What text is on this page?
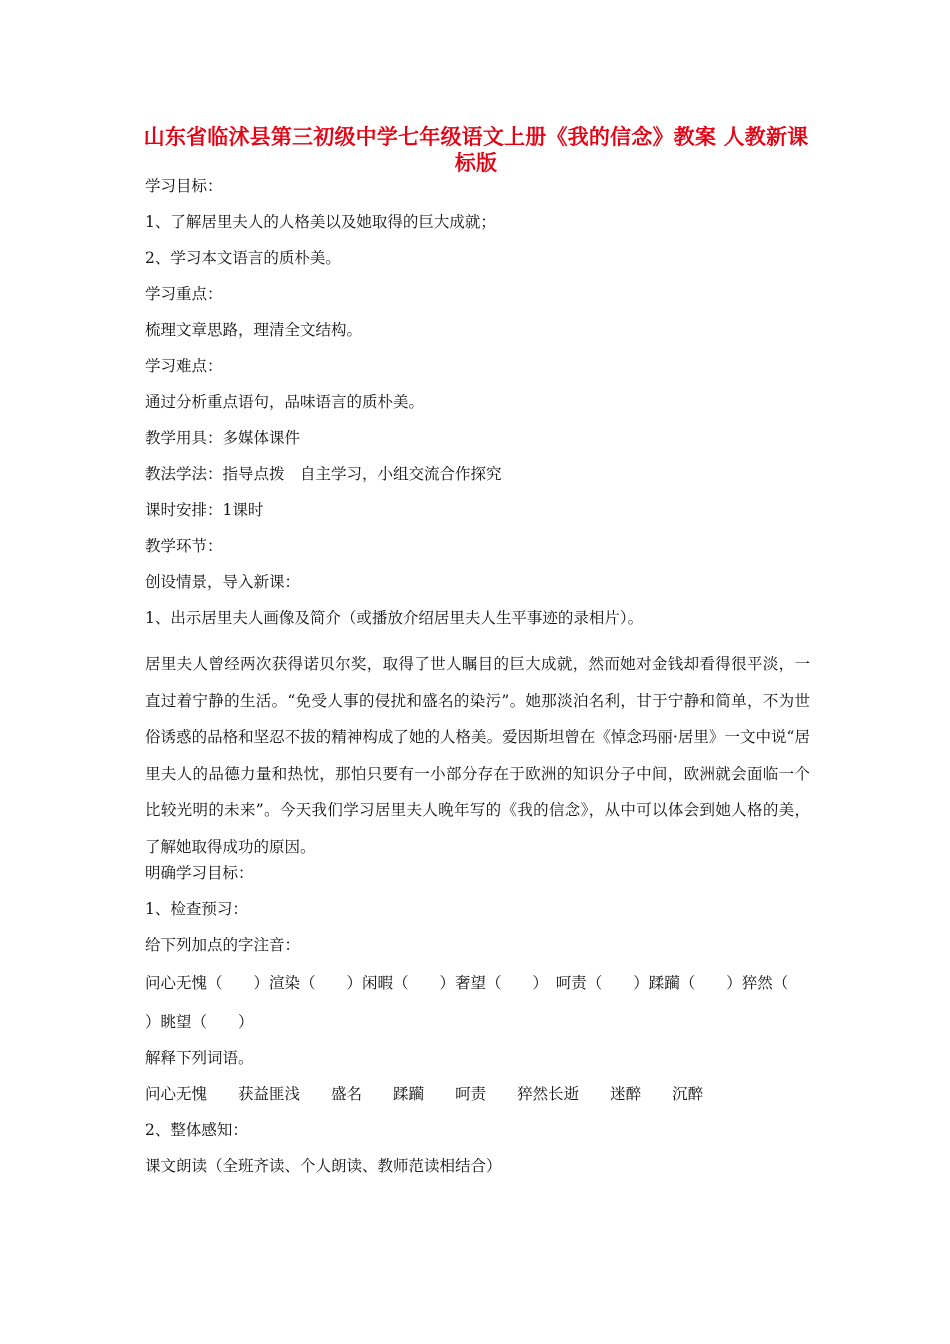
山东省临沭县第三初级中学七年级语文上册《我的信念》教案 人教新课标版
学习目标：
1、了解居里夫人的人格美以及她取得的巨大成就；
2、学习本文语言的质朴美。
学习重点：
梳理文章思路，理清全文结构。
学习难点：
通过分析重点语句，品味语言的质朴美。
教学用具：多媒体课件
教法学法：指导点拨　自主学习，小组交流合作探究
课时安排：1课时
教学环节：
创设情景，导入新课：
1、出示居里夫人画像及简介（或播放介绍居里夫人生平事迹的录相片）。

居里夫人曾经两次获得诺贝尔奖，取得了世人瞩目的巨大成就，然而她对金钱却看得很平淡，一直过着宁静的生活。“免受人事的侵扰和盛名的染污”。她那淡泊名利，甘于宁静和简单，不为世俗诱惑的品格和坚忍不拔的精神构成了她的人格美。爱因斯坦曾在《悼念玛丽·居里》一文中说“居里夫人的品德力量和热忱，那怕只要有一小部分存在于欧洲的知识分子中间，欧洲就会面临一个比较光明的未来”。今天我们学习居里夫人晚年写的《我的信念》，从中可以体会到她人格的美，了解她取得成功的原因。

明确学习目标：
1、检查预习：
给下列加点的字注音：
问心无愧（　　）渲染（　　）闲暇（　　）奢望（　　）　呵责（　　）蹂躏（　　）猝然（
）眺望（　　）
解释下列词语。
问心无愧 获益匪浅 盛名 蹂躏 呵责 猝然长逝 迷醉 沉醉
2、整体感知：
课文朗读（全班齐读、个人朗读、教师范读相结合）
